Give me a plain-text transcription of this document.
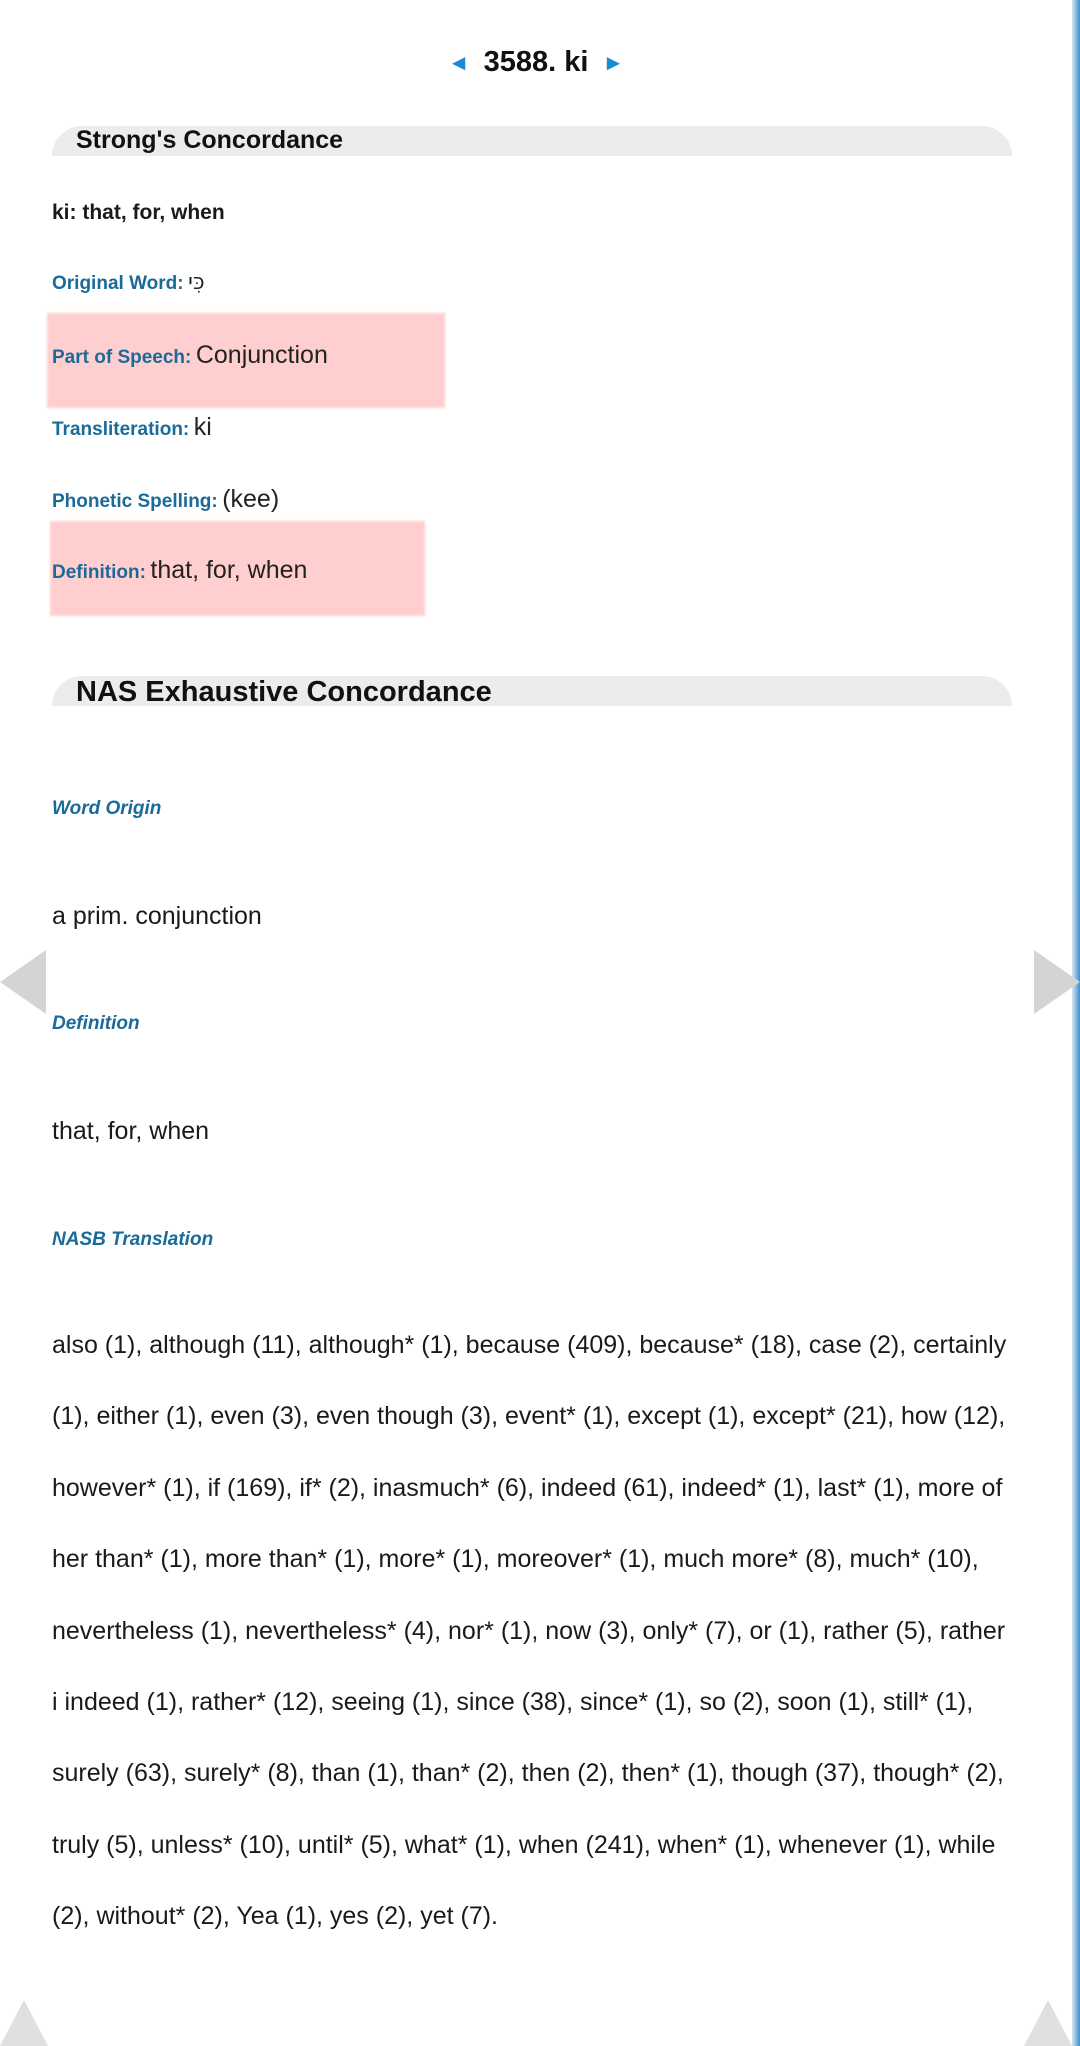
◄ 3588. ki ►
Strong's Concordance
ki: that, for, when
Original Word: כִּי
Part of Speech: Conjunction
Transliteration: ki
Phonetic Spelling: (kee)
Definition: that, for, when
NAS Exhaustive Concordance
Word Origin
a prim. conjunction
Definition
that, for, when
NASB Translation
also (1), although (11), although* (1), because (409), because* (18), case (2), certainly (1), either (1), even (3), even though (3), event* (1), except (1), except* (21), how (12), however* (1), if (169), if* (2), inasmuch* (6), indeed (61), indeed* (1), last* (1), more of her than* (1), more than* (1), more* (1), moreover* (1), much more* (8), much* (10), nevertheless (1), nevertheless* (4), nor* (1), now (3), only* (7), or (1), rather (5), rather i indeed (1), rather* (12), seeing (1), since (38), since* (1), so (2), soon (1), still* (1), surely (63), surely* (8), than (1), than* (2), then (2), then* (1), though (37), though* (2), truly (5), unless* (10), until* (5), what* (1), when (241), when* (1), whenever (1), while (2), without* (2), Yea (1), yes (2), yet (7).
